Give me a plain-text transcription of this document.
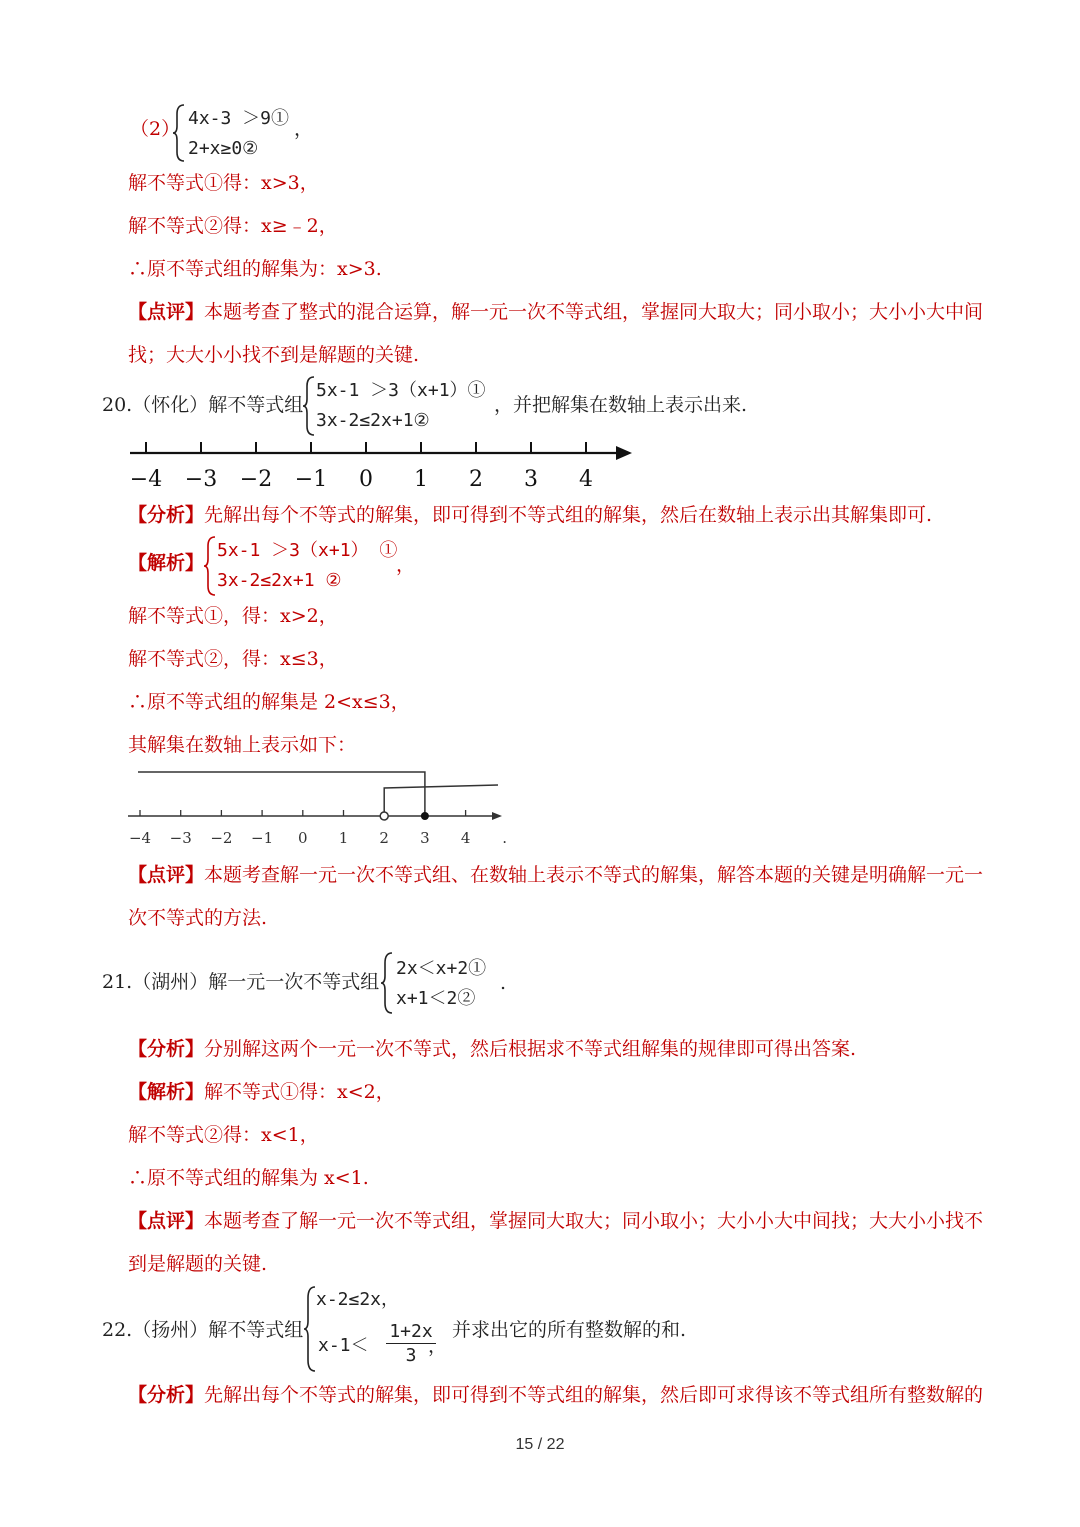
（2） 4x-3 ＞9①
2+x≥0②
，
解不等式①得：x>3，
解不等式②得：x≥﹣2，
∴原不等式组的解集为：x>3.
【点评】本题考查了整式的混合运算，解一元一次不等式组，掌握同大取大；同小取小；大小小大中间
找；大大小小找不到是解题的关键.
20.（怀化）解不等式组
5x-1 ＞3（x+1）①
3x-2≤2x+1②
，并把解集在数轴上表示出来.
−4 −3 −2 −1 0 1 2 3 4
【分析】先解出每个不等式的解集，即可得到不等式组的解集，然后在数轴上表示出其解集即可.
【解析】
5x-1 ＞3（x+1） ①
3x-2≤2x+1 ②
，
解不等式①，得：x>2，
解不等式②，得：x≤3，
∴原不等式组的解集是 2<x≤3，
其解集在数轴上表示如下：
−4 −3 −2 −1 0 1 2 3 4 .
【点评】本题考查解一元一次不等式组、在数轴上表示不等式的解集，解答本题的关键是明确解一元一
次不等式的方法.
21.（湖州）解一元一次不等式组
2x＜x+2①
x+1＜2②
.
【分析】分别解这两个一元一次不等式，然后根据求不等式组解集的规律即可得出答案.
【解析】解不等式①得：x<2，
解不等式②得：x<1，
∴原不等式组的解集为 x<1.
【点评】本题考查了解一元一次不等式组，掌握同大取大；同小取小；大小小大中间找；大大小小找不
到是解题的关键.
22.（扬州）解不等式组
x-2≤2x，
$x-1< \frac{1+2x}{3}$
，
并求出它的所有整数解的和.
【分析】先解出每个不等式的解集，即可得到不等式组的解集，然后即可求得该不等式组所有整数解的
15 / 22
